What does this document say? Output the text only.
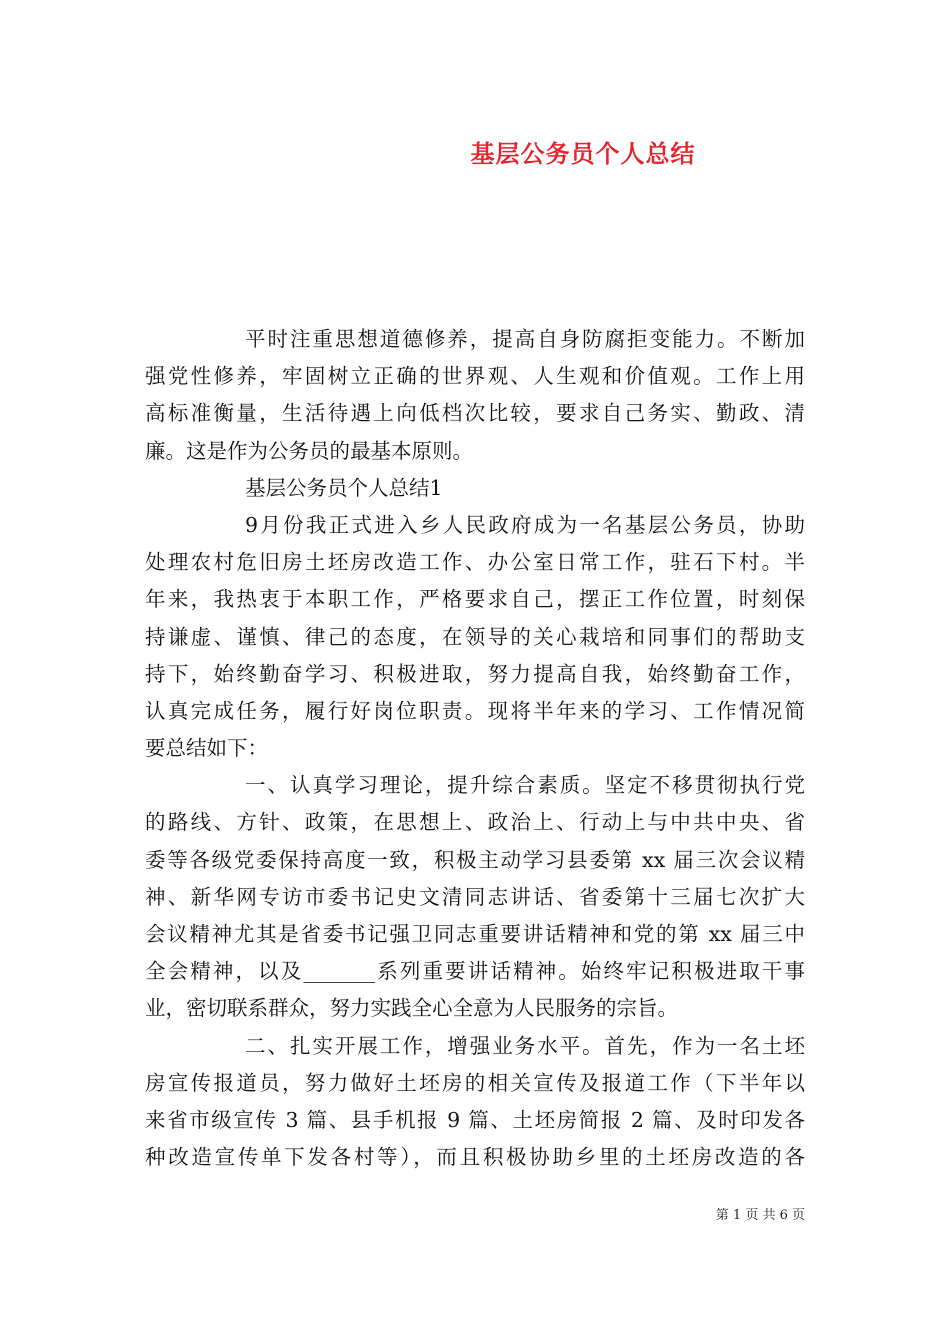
基层公务员个人总结
平时注重思想道德修养，提高自身防腐拒变能力。不断加
强党性修养，牢固树立正确的世界观、人生观和价值观。工作上用
高标准衡量，生活待遇上向低档次比较，要求自己务实、勤政、清
廉。这是作为公务员的最基本原则。
基层公务员个人总结1
9月份我正式进入乡人民政府成为一名基层公务员，协助
处理农村危旧房土坯房改造工作、办公室日常工作，驻石下村。半
年来，我热衷于本职工作，严格要求自己，摆正工作位置，时刻保
持谦虚、谨慎、律己的态度，在领导的关心栽培和同事们的帮助支
持下，始终勤奋学习、积极进取，努力提高自我，始终勤奋工作，
认真完成任务，履行好岗位职责。现将半年来的学习、工作情况简
要总结如下：
一、认真学习理论，提升综合素质。坚定不移贯彻执行党
的路线、方针、政策，在思想上、政治上、行动上与中共中央、省
委等各级党委保持高度一致，积极主动学习县委第 xx 届三次会议精
神、新华网专访市委书记史文清同志讲话、省委第十三届七次扩大
会议精神尤其是省委书记强卫同志重要讲话精神和党的第 xx 届三中
全会精神，以及_______系列重要讲话精神。始终牢记积极进取干事
业，密切联系群众，努力实践全心全意为人民服务的宗旨。
二、扎实开展工作，增强业务水平。首先，作为一名土坯
房宣传报道员，努力做好土坯房的相关宣传及报道工作（下半年以
来省市级宣传 3 篇、县手机报 9 篇、土坯房简报 2 篇、及时印发各
种改造宣传单下发各村等），而且积极协助乡里的土坯房改造的各
第 1 页 共 6 页
